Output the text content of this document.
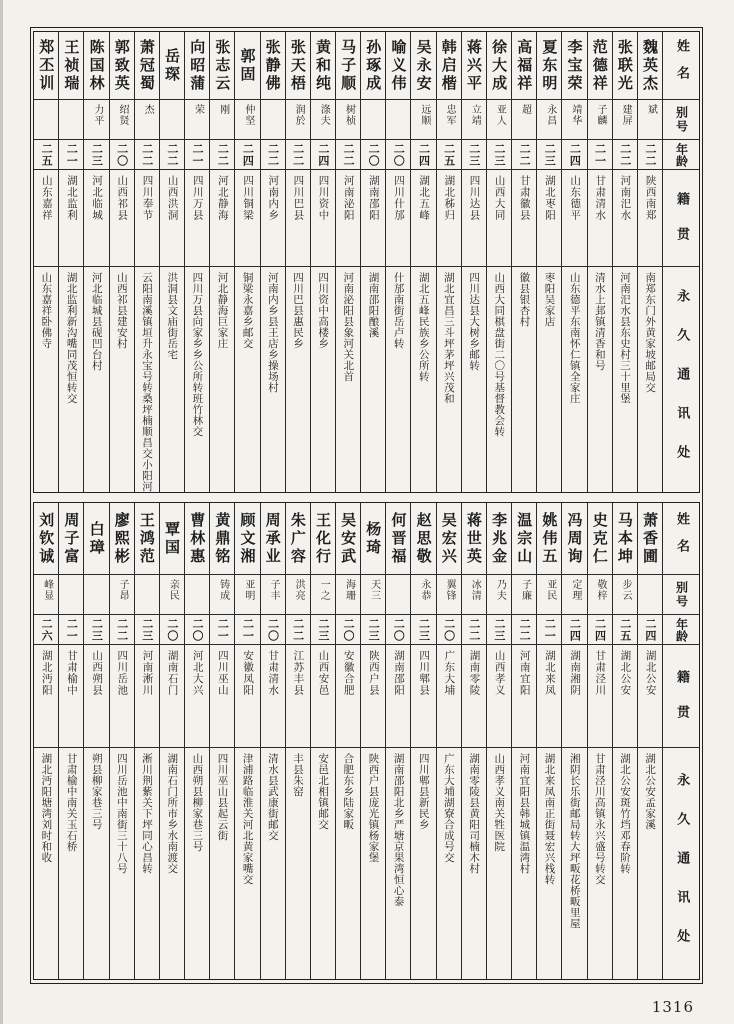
姓名
别号
年龄
籍贯
永久通讯处
魏英杰
斌
二二
陕西南郑
南郑东门外黄家坡邮局交
张联光
建屏
二二
河南汜水
河南汜水县东史村三十里堡
范德祥
子麟
二一
甘肃清水
清水上邽镇清香和号
李宝荣
靖华
二四
山东德平
山东德平东南怀仁镇全家庄
夏东明
永昌
二三
湖北枣阳
枣阳吴家店
高福祥
超
二二
甘肃徽县
徽县银杏村
徐大成
亚人
二三
山西大同
山西大同棋盘街二〇号基督教会转
蒋兴平
立靖
二三
四川达县
四川达县大树乡邮转
韩启楷
忠军
二五
湖北秭归
湖北宜昌三斗坪茅坪兴茂和
吴永安
远顺
二四
湖北五峰
湖北五峰民族乡公所转
喻义伟
二〇
四川什邡
什邡南街岳卢转
孙琢成
二〇
湖南邵阳
湖南邵阳酿溪
马子顺
树桢
二二
河南泌阳
河南泌阳县象河关北首
黄和纯
涤夫
二四
四川资中
四川资中高楼乡
张天梧
润於
二二
四川巴县
四川巴县惠民乡
张静佛
二二
河南内乡
河南内乡县王店乡操场村
郭固
仲坚
二四
四川铜梁
铜梁永嘉乡邮交
张志云
刚
二二
河北静海
河北静海巨家庄
向昭蒲
荣
二一
四川万县
四川万县向家乡乡公所转班竹林交
岳琛
二二
山西洪洞
洪洞县文庙街岳宅
萧冠蜀
杰
二二
四川奉节
云阳南溪镇垣升永宝号转桑坪楠顺昌交小阳河
郭致英
绍贤
二〇
山西祁县
山西祁县建安村
陈国林
力平
二三
河北临城
河北临城县砚凹台村
王祯瑞
二一
湖北监利
湖北监利新沟嘴同茂恒转交
郑丕训
二五
山东嘉祥
山东嘉祥卧佛寺
姓名
别号
年龄
籍贯
永久通讯处
萧香圃
二四
湖北公安
湖北公安孟家溪
马本坤
步云
二五
湖北公安
湖北公安斑竹垱邓春阶转
史克仁
敬梓
二四
甘肃泾川
甘肃泾川高镇永兴盛号转交
冯周询
定理
二四
湖南湘阴
湘阴长乐街邮局转大坪畈花桥畈里屋
姚伟五
亚民
二一
湖北来凤
湖北来凤南正街聂宏兴栈转
温宗山
子廉
二二
河南宜阳
河南宜阳县韩城镇温湾村
李兆金
乃夫
二三
山西孝义
山西孝义南关牲医院
蒋世英
冰清
二二
湖南零陵
湖南零陵县黄阳司楠木村
吴宏兴
翼锋
二〇
广东大埔
广东大埔湖寮合成号交
赵思敬
永恭
二三
四川郫县
四川郫县新民乡
何晋福
二〇
湖南邵阳
湖南邵阳北乡严塘京果湾恒心泰
杨琦
天三
二三
陕西户县
陕西户县庞光镇杨家堡
吴安武
海珊
二〇
安徽合肥
合肥东乡陆家畈
王化行
一之
二三
山西安邑
安邑北相镇邮交
朱广容
洪亮
二二
江苏丰县
丰县朱窑
周承业
子丰
二〇
甘肃清水
清水县武康街邮交
顾文湘
亚明
二一
安徽凤阳
津浦路临淮关河北黄家嘴交
黄鼎铭
铸成
二一
四川巫山
四川巫山县起云街
曹林惠
二〇
河北大兴
山西朔县柳家巷三号
覃国
亲民
二〇
湖南石门
湖南石门所市乡水南渡交
王鸿范
二三
河南淅川
淅川荆紫关下坪同心昌转
廖熙彬
子昂
二二
四川岳池
四川岳池中南街三十八号
白璋
二三
山西朔县
朔县柳家巷三号
周子富
二一
甘肃榆中
甘肃榆中南关玉石桥
刘钦诚
峰显
二六
湖北沔阳
湖北沔阳塘湾刘时和收
1316
